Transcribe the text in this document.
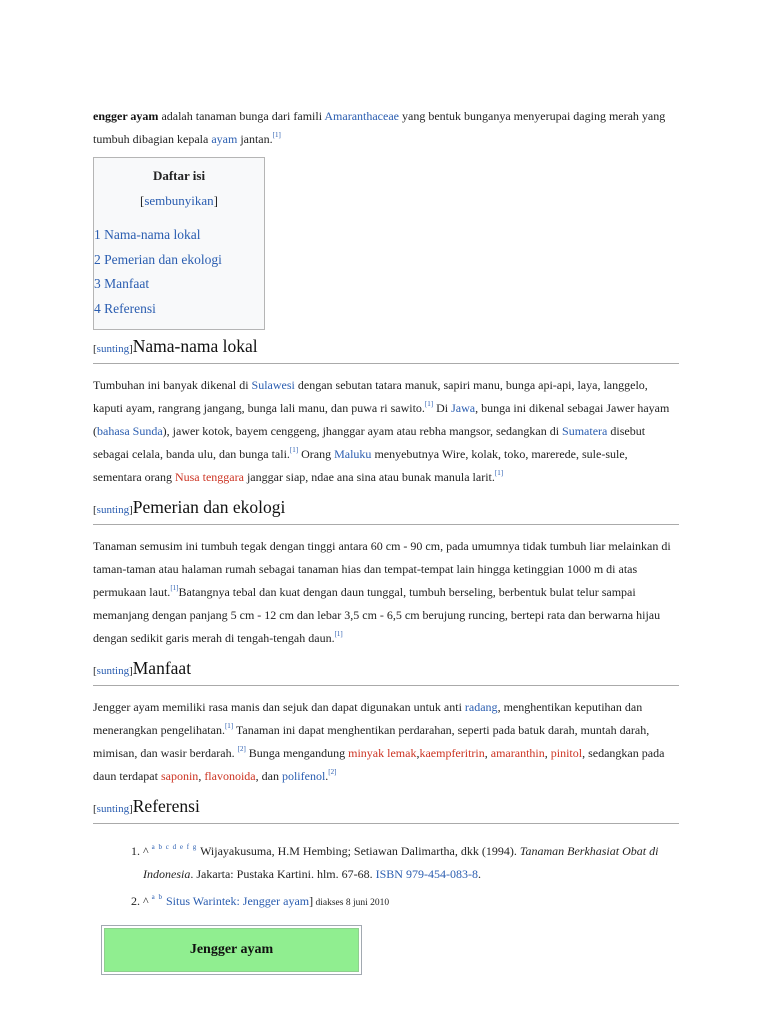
engger ayam adalah tanaman bunga dari famili Amaranthaceae yang bentuk bunganya menyerupai daging merah yang tumbuh dibagian kepala ayam jantan.[1]

Daftar isi
[sembunyikan]
1 Nama-nama lokal
2 Pemerian dan ekologi
3 Manfaat
4 Referensi
[sunting]Nama-nama lokal

Tumbuhan ini banyak dikenal di Sulawesi dengan sebutan tatara manuk, sapiri manu, bunga api-api, laya, langgelo, kaputi ayam, rangrang jangang, bunga lali manu, dan puwa ri sawito.[1] Di Jawa, bunga ini dikenal sebagai Jawer hayam (bahasa Sunda), jawer kotok, bayem cenggeng, jhanggar ayam atau rebha mangsor, sedangkan di Sumatera disebut sebagai celala, banda ulu, dan bunga tali.[1] Orang Maluku menyebutnya Wire, kolak, toko, marerede, sule-sule, sementara orang Nusa tenggara janggar siap, ndae ana sina atau bunak manula larit.[1]

[sunting]Pemerian dan ekologi

Tanaman semusim ini tumbuh tegak dengan tinggi antara 60 cm - 90 cm, pada umumnya tidak tumbuh liar melainkan di taman-taman atau halaman rumah sebagai tanaman hias dan tempat-tempat lain hingga ketinggian 1000 m di atas permukaan laut.[1]Batangnya tebal dan kuat dengan daun tunggal, tumbuh berseling, berbentuk bulat telur sampai memanjang dengan panjang 5 cm - 12 cm dan lebar 3,5 cm - 6,5 cm berujung runcing, bertepi rata dan berwarna hijau dengan sedikit garis merah di tengah-tengah daun.[1]

[sunting]Manfaat

Jengger ayam memiliki rasa manis dan sejuk dan dapat digunakan untuk anti radang, menghentikan keputihan dan menerangkan pengelihatan.[1] Tanaman ini dapat menghentikan perdarahan, seperti pada batuk darah, muntah darah, mimisan, dan wasir berdarah. [2] Bunga mengandung minyak lemak,kaempferitrin, amaranthin, pinitol, sedangkan pada daun terdapat saponin, flavonoida, dan polifenol.[2]

[sunting]Referensi
1. ^ $^{a b c d e f g}$ Wijayakusuma, H.M Hembing; Setiawan Dalimartha, dkk (1994). Tanaman Berkhasiat Obat di Indonesia. Jakarta: Pustaka Kartini. hlm. 67-68. ISBN 979-454-083-8.
2. ^ $^{a b}$ Situs Warintek: Jengger ayam] diakses 8 juni 2010
Jengger ayam
